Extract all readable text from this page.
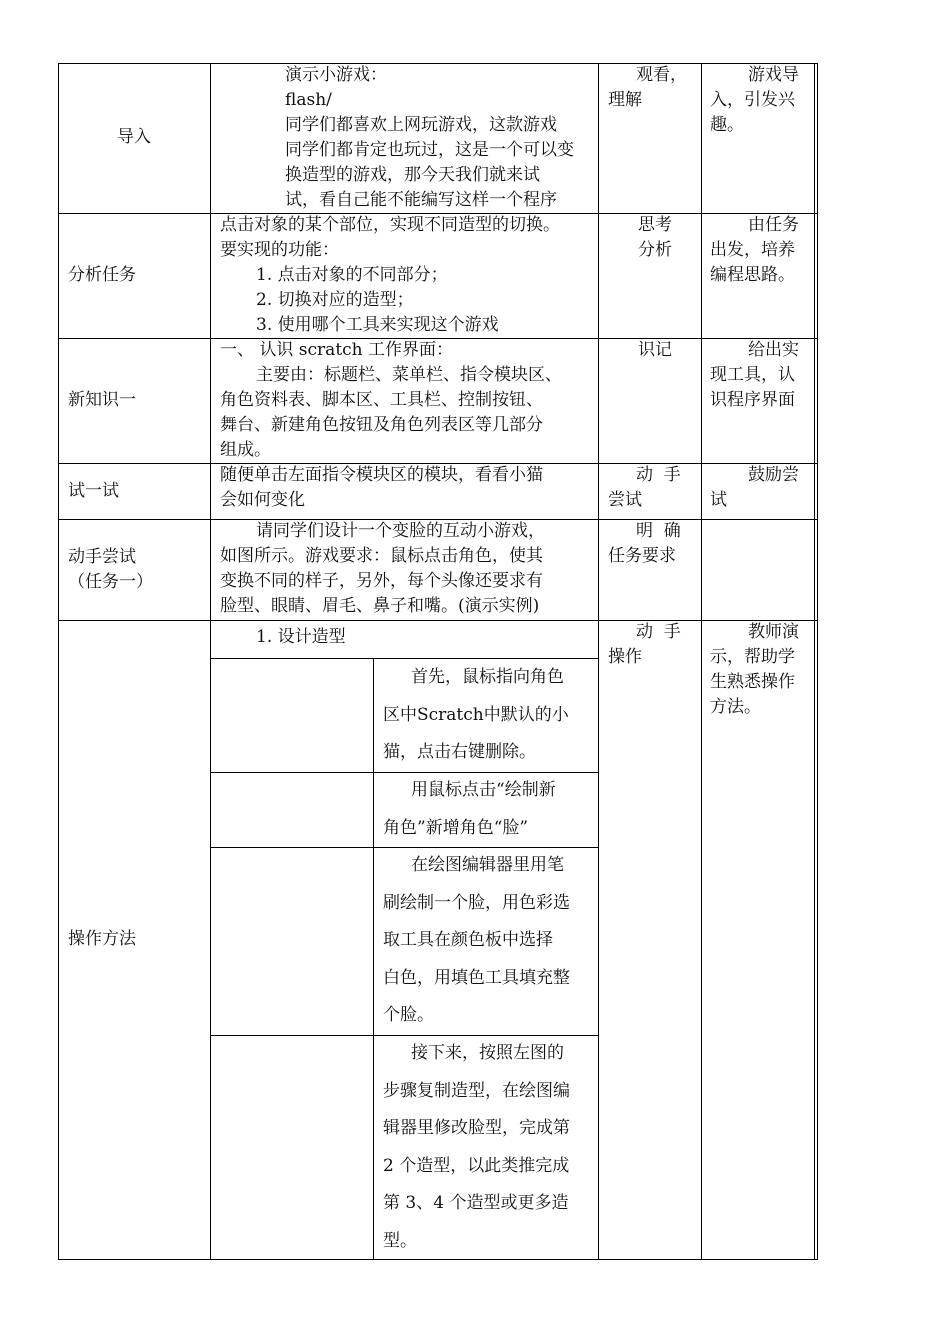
导入
演示小游戏：
flash/
同学们都喜欢上网玩游戏，这款游戏
同学们都肯定也玩过，这是一个可以变
换造型的游戏，那今天我们就来试
试，看自己能不能编写这样一个程序
观看，
理解
游戏导
入，引发兴
趣。
分析任务
点击对象的某个部位，实现不同造型的切换。
要实现的功能：
1. 点击对象的不同部分；
2. 切换对应的造型；
3. 使用哪个工具来实现这个游戏
思考
分析
由任务
出发，培养
编程思路。
新知识一
一、 认识 scratch 工作界面：
主要由：标题栏、菜单栏、指令模块区、
角色资料表、脚本区、工具栏、控制按钮、
舞台、新建角色按钮及角色列表区等几部分
组成。
识记	给出实
现工具，认
识程序界面
试一试
随便单击左面指令模块区的模块，看看小猫
会如何变化
动  手
尝试
鼓励尝
试
动手尝试
（任务一）
请同学们设计一个变脸的互动小游戏，
如图所示。游戏要求：鼠标点击角色，使其
变换不同的样子，另外，每个头像还要求有
脸型、眼睛、眉毛、鼻子和嘴。(演示实例)
明  确
任务要求
操作方法
1. 设计造型
首先，鼠标指向角色
区中Scratch中默认的小
猫，点击右键删除。
用鼠标点击“绘制新
角色”新增角色“脸”
在绘图编辑器里用笔
刷绘制一个脸，用色彩选
取工具在颜色板中选择
白色，用填色工具填充整
个脸。
接下来，按照左图的
步骤复制造型，在绘图编
辑器里修改脸型，完成第
2 个造型，以此类推完成
第 3、4 个造型或更多造
型。
动  手
操作
教师演
示，帮助学
生熟悉操作
方法。
